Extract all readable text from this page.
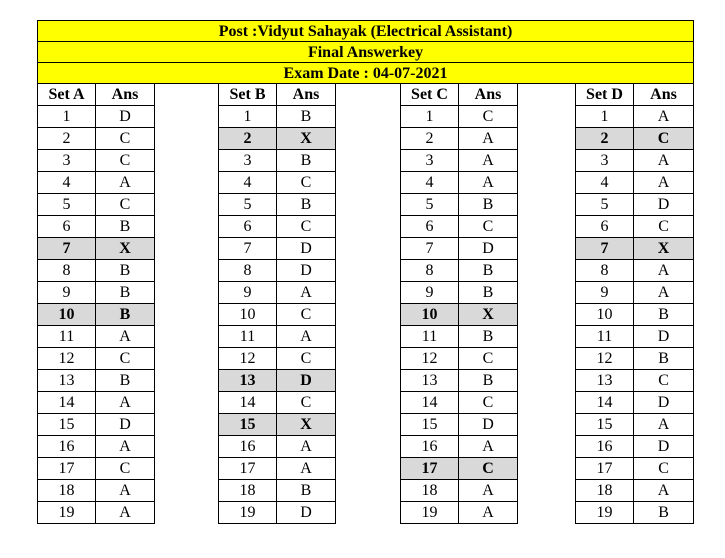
Post :Vidyut Sahayak (Electrical Assistant)										
Final Answerkey										
Exam Date : 04-07-2021										
Set A	Ans		Set B	Ans		Set C	Ans		Set D	Ans
1	D		1	B		1	C		1	A
2	C		2	X		2	A		2	C
3	C		3	B		3	A		3	A
4	A		4	C		4	A		4	A
5	C		5	B		5	B		5	D
6	B		6	C		6	C		6	C
7	X		7	D		7	D		7	X
8	B		8	D		8	B		8	A
9	B		9	A		9	B		9	A
10	B		10	C		10	X		10	B
11	A		11	A		11	B		11	D
12	C		12	C		12	C		12	B
13	B		13	D		13	B		13	C
14	A		14	C		14	C		14	D
15	D		15	X		15	D		15	A
16	A		16	A		16	A		16	D
17	C		17	A		17	C		17	C
18	A		18	B		18	A		18	A
19	A		19	D		19	A		19	B
